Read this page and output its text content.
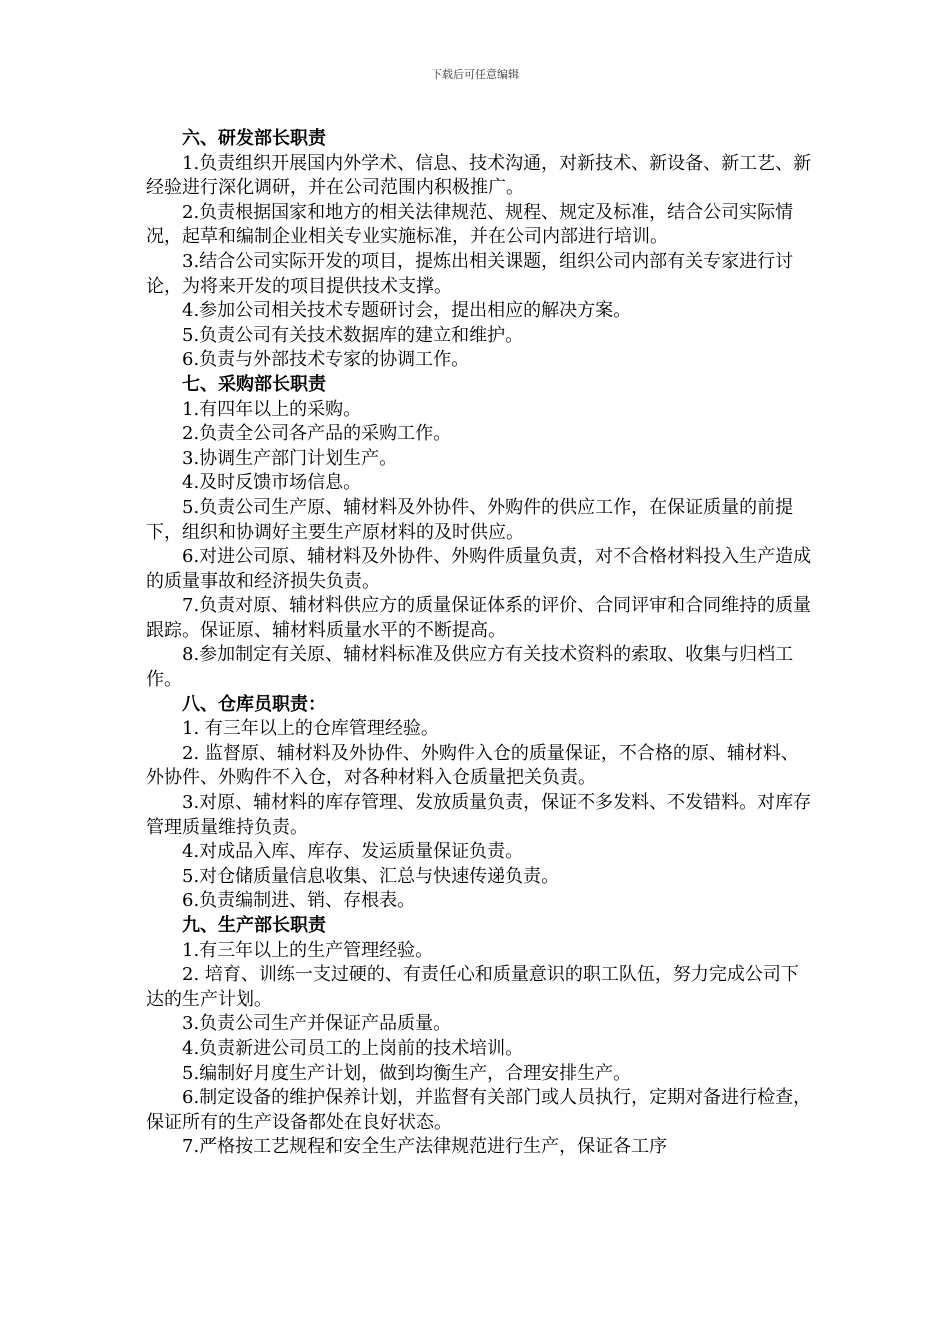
下载后可任意编辑

六、研发部长职责

1.负责组织开展国内外学术、信息、技术沟通，对新技术、新设备、新工艺、新经验进行深化调研，并在公司范围内积极推广。

2.负责根据国家和地方的相关法律规范、规程、规定及标准，结合公司实际情况，起草和编制企业相关专业实施标准，并在公司内部进行培训。

3.结合公司实际开发的项目，提炼出相关课题，组织公司内部有关专家进行讨论，为将来开发的项目提供技术支撑。

4.参加公司相关技术专题研讨会，提出相应的解决方案。

5.负责公司有关技术数据库的建立和维护。

6.负责与外部技术专家的协调工作。

七、采购部长职责

1.有四年以上的采购。

2.负责全公司各产品的采购工作。

3.协调生产部门计划生产。

4.及时反馈市场信息。

5.负责公司生产原、辅材料及外协件、外购件的供应工作，在保证质量的前提下，组织和协调好主要生产原材料的及时供应。

6.对进公司原、辅材料及外协件、外购件质量负责，对不合格材料投入生产造成的质量事故和经济损失负责。

7.负责对原、辅材料供应方的质量保证体系的评价、合同评审和合同维持的质量跟踪。保证原、辅材料质量水平的不断提高。

8.参加制定有关原、辅材料标准及供应方有关技术资料的索取、收集与归档工作。

八、仓库员职责：

1. 有三年以上的仓库管理经验。

2. 监督原、辅材料及外协件、外购件入仓的质量保证，不合格的原、辅材料、外协件、外购件不入仓，对各种材料入仓质量把关负责。

3.对原、辅材料的库存管理、发放质量负责，保证不多发料、不发错料。对库存管理质量维持负责。

4.对成品入库、库存、发运质量保证负责。

5.对仓储质量信息收集、汇总与快速传递负责。

6.负责编制进、销、存根表。

九、生产部长职责

1.有三年以上的生产管理经验。

2. 培育、训练一支过硬的、有责任心和质量意识的职工队伍，努力完成公司下达的生产计划。

3.负责公司生产并保证产品质量。

4.负责新进公司员工的上岗前的技术培训。

5.编制好月度生产计划，做到均衡生产，合理安排生产。

6.制定设备的维护保养计划，并监督有关部门或人员执行，定期对备进行检查，保证所有的生产设备都处在良好状态。

7.严格按工艺规程和安全生产法律规范进行生产，保证各工序
